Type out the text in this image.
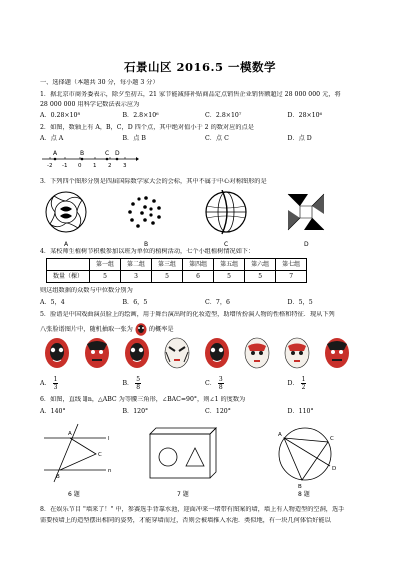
石景山区 2016.5 一模数学
一、选择题（本题共 30 分，每小题 3 分）
1．据北京市商务委表示，除夕至初五，21 家节能减排补贴商品定点销售企业销售额超过 28 000 000 元，将
28 000 000 用科学记数法表示应为
A．0.28×10⁸	B．2.8×10⁶	C．2.8×10⁷	D．28×10⁶
2．如图，数轴上有 A，B，C，D 四个点，其中绝对值小于 2 的数对应的点是
A．点 A	B．点 B	C．点 C	D．点 D
A	B	C D
-2 -1 0 1 2 3
3．下列四个图形分别是四届国际数学家大会的会标，其中不属于中心对称图形的是
A	B	C	D
4．某校师生植树节积极参加以班为单位的植树活动，七个小组植树情况如下：
	第一组	第二组	第三组	第四组	第五组	第六组	第七组
数量（棵）	5	3	5	6	5	5	7
则这组数据的众数与中位数分别为
A．5，4	B．6，5	C．7，6	D．5，5
5．脸谱是中国戏曲演员脸上的绘画，用于舞台演出时的化妆造型，助增所扮演人物的性格和特征．现从下列
八张脸谱图片中，随机抽取一张为	的概率是
A． $\frac{1}{3}$	B． $\frac{5}{8}$	C． $\frac{3}{8}$	D． $\frac{1}{2}$
6．如图，直线 l∥n，△ABC 为等腰三角形，∠BAC=90°，则∠1 的度数为
A．140°	B．120°	C．120°	D．110°
l
n
A
C
B
6 题	7 题
A
C
B
D
8 题
8．在娱乐节目 "墙来了！" 中，参赛选手背靠水池，迎面冲来一堵带有图案的墙，墙上有人物造型的空洞，选手
需要按墙上的造型摆出相同的姿势，才能穿墙而过，否则会被墙推入水池．类似地，有一块几何体恰好能以
